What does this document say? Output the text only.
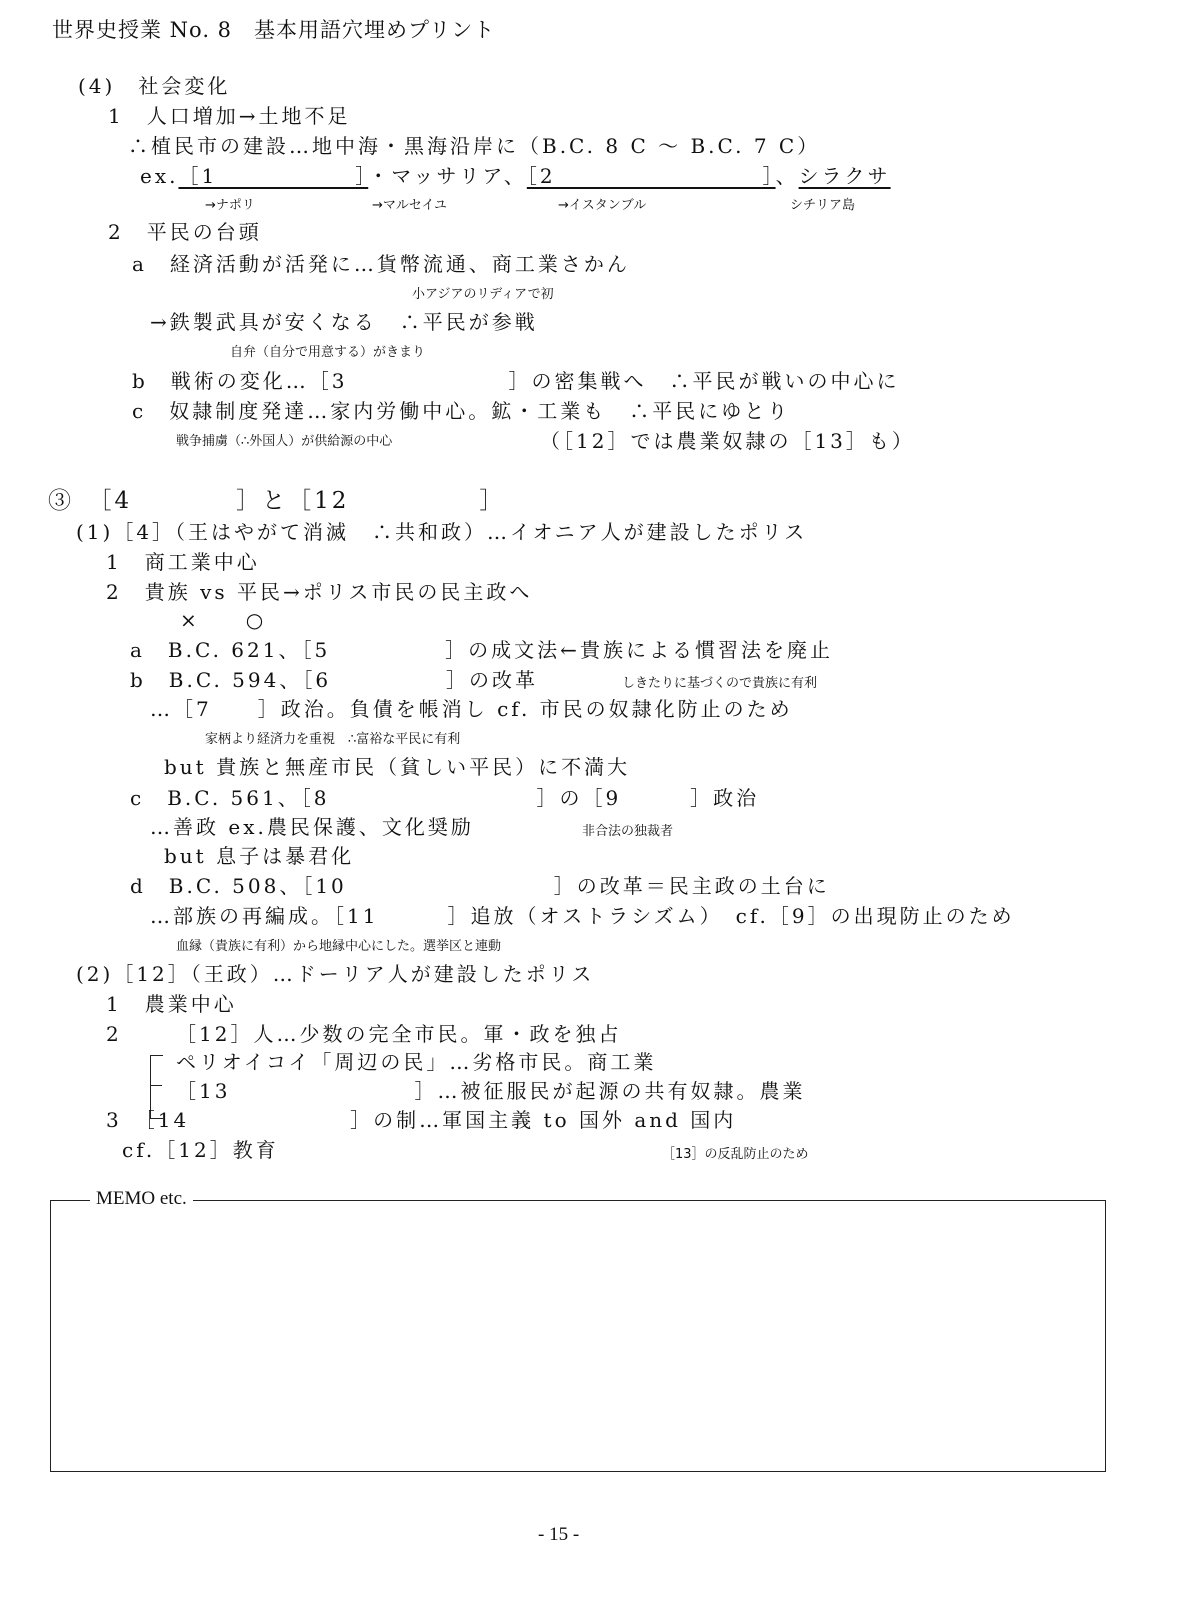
世界史授業 No. 8　基本用語穴埋めプリント
(4)　社会変化
1　人口増加→土地不足
∴植民市の建設…地中海・黒海沿岸に（B.C. 8 C ～ B.C. 7 C）
ex.［1　　　　　　］・マッサリア、［2　　　　　　　　　］、シラクサ
→ナポリ	→マルセイユ	→イスタンブル	シチリア島
2　平民の台頭
a　経済活動が活発に…貨幣流通、商工業さかん
小アジアのリディアで初
→鉄製武具が安くなる　∴平民が参戦
自弁（自分で用意する）がきまり
b　戦術の変化…［3　　　　　　　］の密集戦へ　∴平民が戦いの中心に
c　奴隷制度発達…家内労働中心。鉱・工業も　∴平民にゆとり
戦争捕虜（∴外国人）が供給源の中心	（［12］では農業奴隷の［13］も）
③　［4　　　　］と［12　　　　　］
(1)［4］（王はやがて消滅　∴共和政）…イオニア人が建設したポリス
1　商工業中心
2　貴族 vs 平民→ポリス市民の民主政へ
×　　○
a　B.C. 621、［5　　　　　］の成文法←貴族による慣習法を廃止
b　B.C. 594、［6　　　　　］の改革	しきたりに基づくので貴族に有利
…［7　　］政治。負債を帳消し cf. 市民の奴隷化防止のため
家柄より経済力を重視　∴富裕な平民に有利
but 貴族と無産市民（貧しい平民）に不満大
c　B.C. 561、［8　　　　　　　　　］の［9　　　］政治
…善政 ex.農民保護、文化奨励	非合法の独裁者
but 息子は暴君化
d　B.C. 508、［10　　　　　　　　　］の改革＝民主政の土台に
…部族の再編成。［11　　　］追放（オストラシズム）　cf.［9］の出現防止のため
血縁（貴族に有利）から地縁中心にした。選挙区と連動
(2)［12］（王政）…ドーリア人が建設したポリス
1　農業中心
2	［12］人…少数の完全市民。軍・政を独占
ペリオイコイ「周辺の民」…劣格市民。商工業
［13　　　　　　　　］…被征服民が起源の共有奴隷。農業
3　［14　　　　　　　］の制…軍国主義 to 国外 and 国内
cf.［12］教育	［13］の反乱防止のため
MEMO etc.
- 15 -
